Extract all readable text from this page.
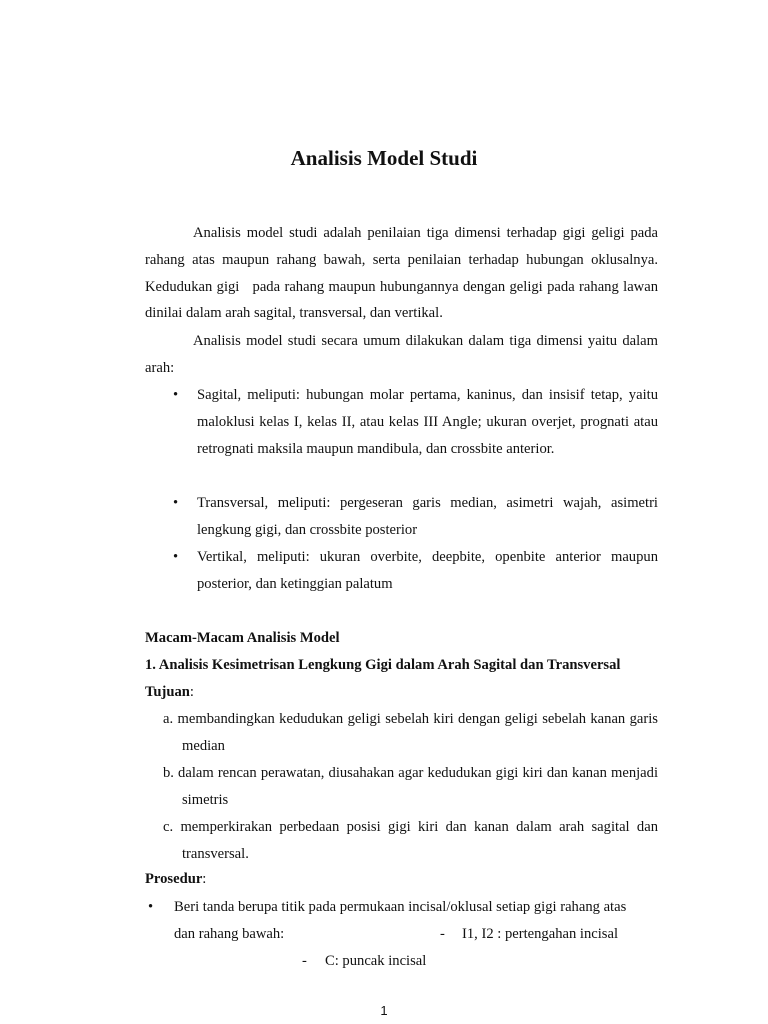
Analisis Model Studi
Analisis model studi adalah penilaian tiga dimensi terhadap gigi geligi pada rahang atas maupun rahang bawah, serta penilaian terhadap hubungan oklusalnya. Kedudukan gigi   pada rahang maupun hubungannya dengan geligi pada rahang lawan dinilai dalam arah sagital, transversal, dan vertikal.
Analisis model studi secara umum dilakukan dalam tiga dimensi yaitu dalam arah:
• Sagital, meliputi: hubungan molar pertama, kaninus, dan insisif tetap, yaitu maloklusi kelas I, kelas II, atau kelas III Angle; ukuran overjet, prognati atau retrognati maksila maupun mandibula, dan crossbite anterior.
• Transversal, meliputi: pergeseran garis median, asimetri wajah, asimetri lengkung gigi, dan crossbite posterior
• Vertikal, meliputi: ukuran overbite, deepbite, openbite anterior maupun posterior, dan ketinggian palatum
Macam-Macam Analisis Model
1. Analisis Kesimetrisan Lengkung Gigi dalam Arah Sagital dan Transversal
Tujuan:
a. membandingkan kedudukan geligi sebelah kiri dengan geligi sebelah kanan garis median
b. dalam rencan perawatan, diusahakan agar kedudukan gigi kiri dan kanan menjadi simetris
c. memperkirakan perbedaan posisi gigi kiri dan kanan dalam arah sagital dan transversal.
Prosedur:
• Beri tanda berupa titik pada permukaan incisal/oklusal setiap gigi rahang atas
dan rahang bawah:	- I1, I2 : pertengahan incisal
- C: puncak incisal
1
